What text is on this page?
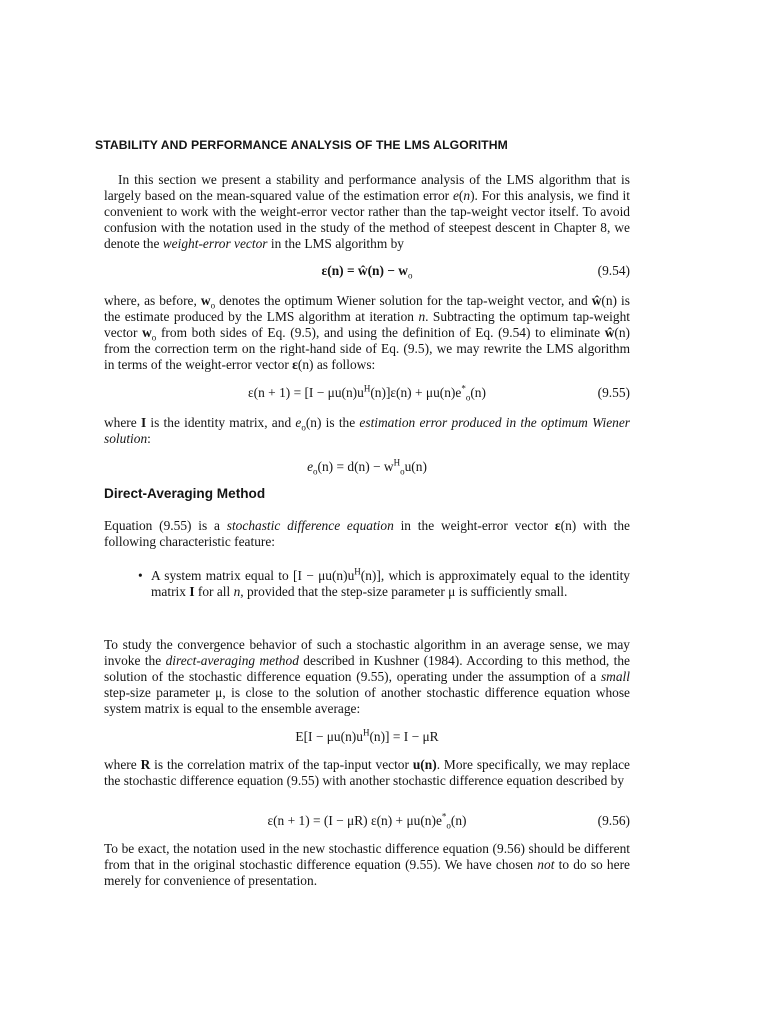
STABILITY AND PERFORMANCE ANALYSIS OF THE LMS ALGORITHM

In this section we present a stability and performance analysis of the LMS algorithm that is largely based on the mean-squared value of the estimation error e(n). For this analysis, we find it convenient to work with the weight-error vector rather than the tap-weight vector itself. To avoid confusion with the notation used in the study of the method of steepest descent in Chapter 8, we denote the weight-error vector in the LMS algorithm by

ε(n) = ŵ(n) − $w_o$	(9.54)

where, as before, $w_o$ denotes the optimum Wiener solution for the tap-weight vector, and ŵ(n) is the estimate produced by the LMS algorithm at iteration n. Subtracting the optimum tap-weight vector $w_o$ from both sides of Eq. (9.5), and using the definition of Eq. (9.54) to eliminate ŵ(n) from the correction term on the right-hand side of Eq. (9.5), we may rewrite the LMS algorithm in terms of the weight-error vector ε(n) as follows:

$\varepsilon(n + 1) = [I - \mu u(n)u^H(n)]\varepsilon(n) + \mu u(n)e^*_o(n)$	(9.55)

where I is the identity matrix, and $e_o(n)$ is the estimation error produced in the optimum Wiener solution:

$e_o(n) = d(n) - w^H_ou(n)$
Direct-Averaging Method

Equation (9.55) is a stochastic difference equation in the weight-error vector ε(n) with the following characteristic feature:

• A system matrix equal to $[I - \mu u(n)u^H(n)]$, which is approximately equal to the identity matrix I for all n, provided that the step-size parameter μ is sufficiently small.

To study the convergence behavior of such a stochastic algorithm in an average sense, we may invoke the direct-averaging method described in Kushner (1984). According to this method, the solution of the stochastic difference equation (9.55), operating under the assumption of a small step-size parameter μ, is close to the solution of another stochastic difference equation whose system matrix is equal to the ensemble average:

$E[I - \mu u(n)u^H(n)] = I - \mu R$

where R is the correlation matrix of the tap-input vector u(n). More specifically, we may replace the stochastic difference equation (9.55) with another stochastic difference equation described by

ε(n + 1) = (I − μR) $\varepsilon(n) + \mu u(n)e^*_o(n)$	(9.56)

To be exact, the notation used in the new stochastic difference equation (9.56) should be different from that in the original stochastic difference equation (9.55). We have chosen not to do so here merely for convenience of presentation.
